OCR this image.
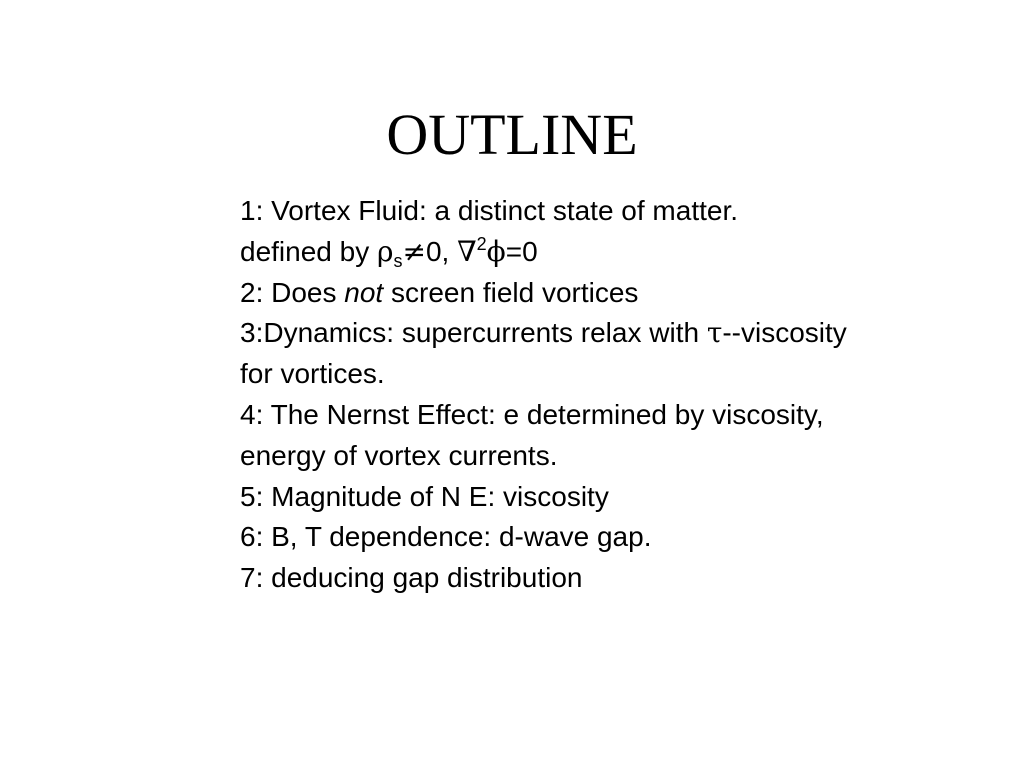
OUTLINE
1: Vortex Fluid: a distinct state of matter.
defined by $\rho_s\ne 0$, ∇$^2$ϕ=0
2: Does not screen field vortices
3:Dynamics: supercurrents relax with τ--viscosity
for vortices.
4: The Nernst Effect: e determined by viscosity,
energy of vortex currents.
5: Magnitude of N E: viscosity
6: B, T dependence: d-wave gap.
7: deducing gap distribution
